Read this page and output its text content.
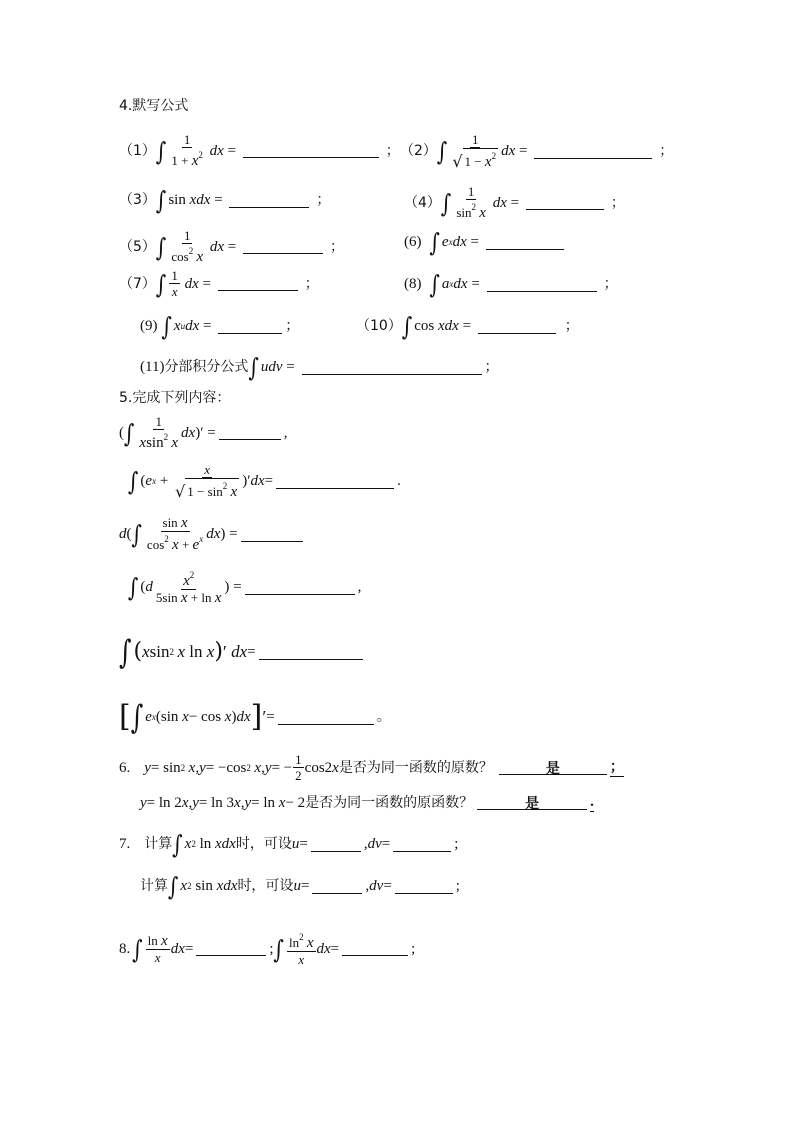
4.默写公式
（1） ∫ $\frac{1}{1 + x^2}$ dx =	； （2） ∫ $\frac{1}{√ 1 - x^2}$ dx =	；
（3） ∫ sin xdx =	；	（4） ∫ $\frac{1}{\sin^2 x}$ dx =	；
（5） ∫ $\frac{1}{\cos^2 x}$ dx =	；	(6) ∫ e x dx =
（7） ∫ $\frac{1}{x}$ dx =	；	(8) ∫ a x dx =	；
(9) ∫ x u dx =	；	（10） ∫ cos xdx =	；
(11) 分部积分公式 ∫ udv =	；
5.完成下列内容：
( ∫ $\frac{1}{xsin^2 x}$ dx )′ =	,
∫ ( e $x + \frac{x}{√ 1 - \sin^2 x}$ )′ dx =	.
d ( ∫ $\frac{\text{sin x}}{\cos^2 x + e^x}$ dx ) =
∫ ( d $\frac{x^2}{\text{5sin x + ln x}}$ ) =	,
∫ ( x sin 2
x ln x ) ′ dx =
[ ∫ e x (sin x − cos x ) dx ] ′ =	。
6. y = sin 2
x , y = −cos 2
x , y = − $\frac{1}{2} \cos 2$ x 是否为同一函数的原数？	是	；
y = ln 2 x , y = ln 3 x , y = ln x − 2 是否为同一函数的原函数？	是	.
7. 计算 ∫ x 2 ln xdx 时，可设 u =	, dv =	;
计算 ∫ x 2 sin xdx 时，可设 u =	, dv =	;
8. ∫ $\frac{\text{ln x}}{x}$ dx =	; ∫ $\frac{\ln^2 x}{x}$ dx =	;
